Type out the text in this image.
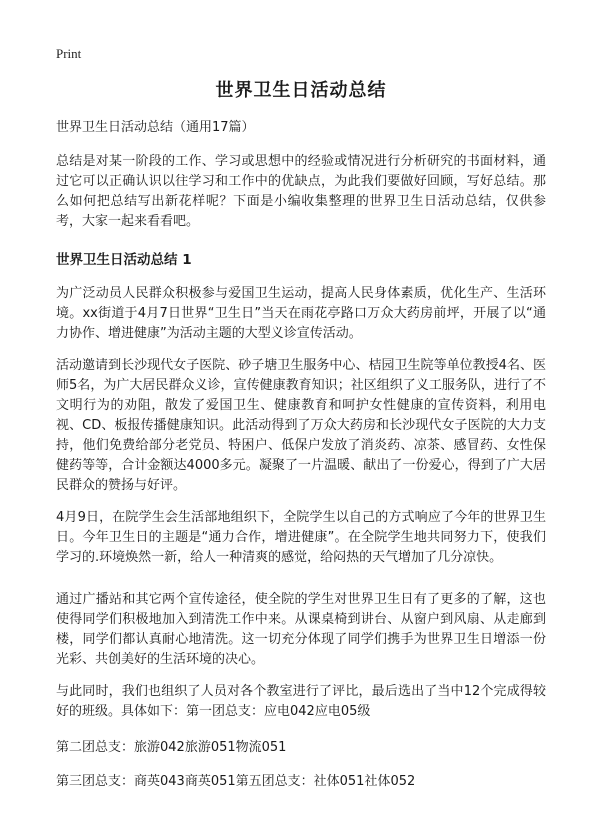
Print
世界卫生日活动总结
世界卫生日活动总结（通用17篇）

总结是对某一阶段的工作、学习或思想中的经验或情况进行分析研究的书面材料，通过它可以正确认识以往学习和工作中的优缺点，为此我们要做好回顾，写好总结。那么如何把总结写出新花样呢？下面是小编收集整理的世界卫生日活动总结，仅供参考，大家一起来看看吧。

世界卫生日活动总结 1

为广泛动员人民群众积极参与爱国卫生运动，提高人民身体素质，优化生产、生活环境。xx街道于4月7日世界“卫生日”当天在雨花亭路口万众大药房前坪，开展了以“通力协作、增进健康”为活动主题的大型义诊宣传活动。

活动邀请到长沙现代女子医院、砂子塘卫生服务中心、桔园卫生院等单位教授4名、医师5名，为广大居民群众义诊，宣传健康教育知识；社区组织了义工服务队，进行了不文明行为的劝阻，散发了爱国卫生、健康教育和呵护女性健康的宣传资料，利用电视、CD、板报传播健康知识。此活动得到了万众大药房和长沙现代女子医院的大力支持，他们免费给部分老党员、特困户、低保户发放了消炎药、凉茶、感冒药、女性保健药等等，合计金额达4000多元。凝聚了一片温暖、献出了一份爱心，得到了广大居民群众的赞扬与好评。

4月9日，在院学生会生活部地组织下，全院学生以自己的方式响应了今年的世界卫生日。今年卫生日的主题是“通力合作，增进健康”。在全院学生地共同努力下，使我们学习的.环境焕然一新，给人一种清爽的感觉，给闷热的天气增加了几分凉快。

通过广播站和其它两个宣传途径，使全院的学生对世界卫生日有了更多的了解，这也使得同学们积极地加入到清洗工作中来。从课桌椅到讲台、从窗户到风扇、从走廊到楼，同学们都认真耐心地清洗。这一切充分体现了同学们携手为世界卫生日增添一份光彩、共创美好的生活环境的决心。

与此同时，我们也组织了人员对各个教室进行了评比，最后选出了当中12个完成得较好的班级。具体如下：第一团总支：应电042应电05级

第二团总支：旅游042旅游051物流051
第三团总支：商英043商英051第五团总支：社体051社体052
